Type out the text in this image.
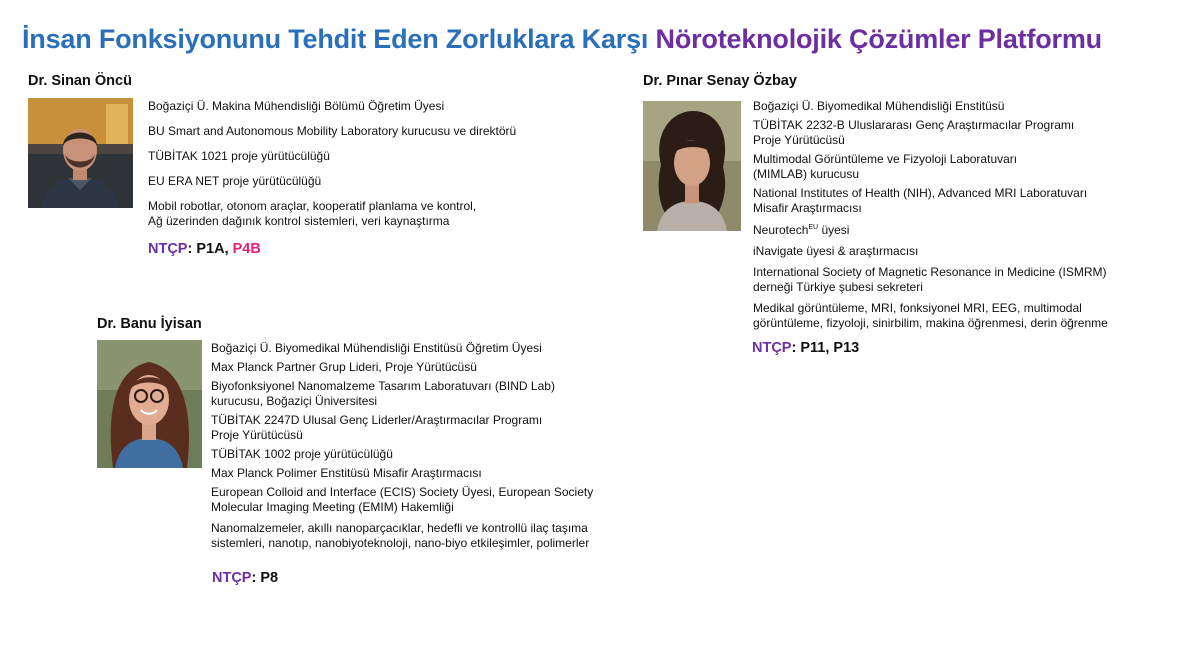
İnsan Fonksiyonunu Tehdit Eden Zorluklara Karşı Nöroteknolojik Çözümler Platformu
Dr. Sinan Öncü
Boğaziçi Ü. Makina Mühendisliği Bölümü Öğretim Üyesi
BU Smart and Autonomous Mobility Laboratory kurucusu ve direktörü
TÜBİTAK 1021 proje yürütücülüğü
EU ERA NET proje yürütücülüğü
Mobil robotlar, otonom araçlar, kooperatif planlama ve kontrol,
Ağ üzerinden dağınık kontrol sistemleri, veri kaynaştırma
NTÇP: P1A, P4B
Dr. Pınar Senay Özbay
Boğaziçi Ü. Biyomedikal Mühendisliği Enstitüsü
TÜBİTAK 2232-B Uluslararası Genç Araştırmacılar Programı
Proje Yürütücüsü
Multimodal Görüntüleme ve Fizyoloji Laboratuvarı
(MIMLAB) kurucusu
National Institutes of Health (NIH), Advanced MRI Laboratuvarı
Misafir Araştırmacısı
Neurotech$^{EU}$ üyesi
iNavigate üyesi & araştırmacısı
International Society of Magnetic Resonance in Medicine (ISMRM)
derneği Türkiye şubesi sekreteri
Medikal görüntüleme, MRI, fonksiyonel MRI, EEG, multimodal
görüntüleme, fizyoloji, sinirbilim, makina öğrenmesi, derin öğrenme
NTÇP: P11, P13
Dr. Banu İyisan
Boğaziçi Ü. Biyomedikal Mühendisliği Enstitüsü Öğretim Üyesi
Max Planck Partner Grup Lideri, Proje Yürütücüsü
Biyofonksiyonel Nanomalzeme Tasarım Laboratuvarı (BIND Lab)
kurucusu, Boğaziçi Üniversitesi
TÜBİTAK 2247D Ulusal Genç Liderler/Araştırmacılar Programı
Proje Yürütücüsü
TÜBİTAK 1002 proje yürütücülüğü
Max Planck Polimer Enstitüsü Misafir Araştırmacısı
European Colloid and Interface (ECIS) Society Üyesi, European Society
Molecular Imaging Meeting (EMIM) Hakemliği
Nanomalzemeler, akıllı nanoparçacıklar, hedefli ve kontrollü ilaç taşıma
sistemleri, nanotıp, nanobiyoteknoloji, nano-biyo etkileşimler, polimerler
NTÇP: P8
